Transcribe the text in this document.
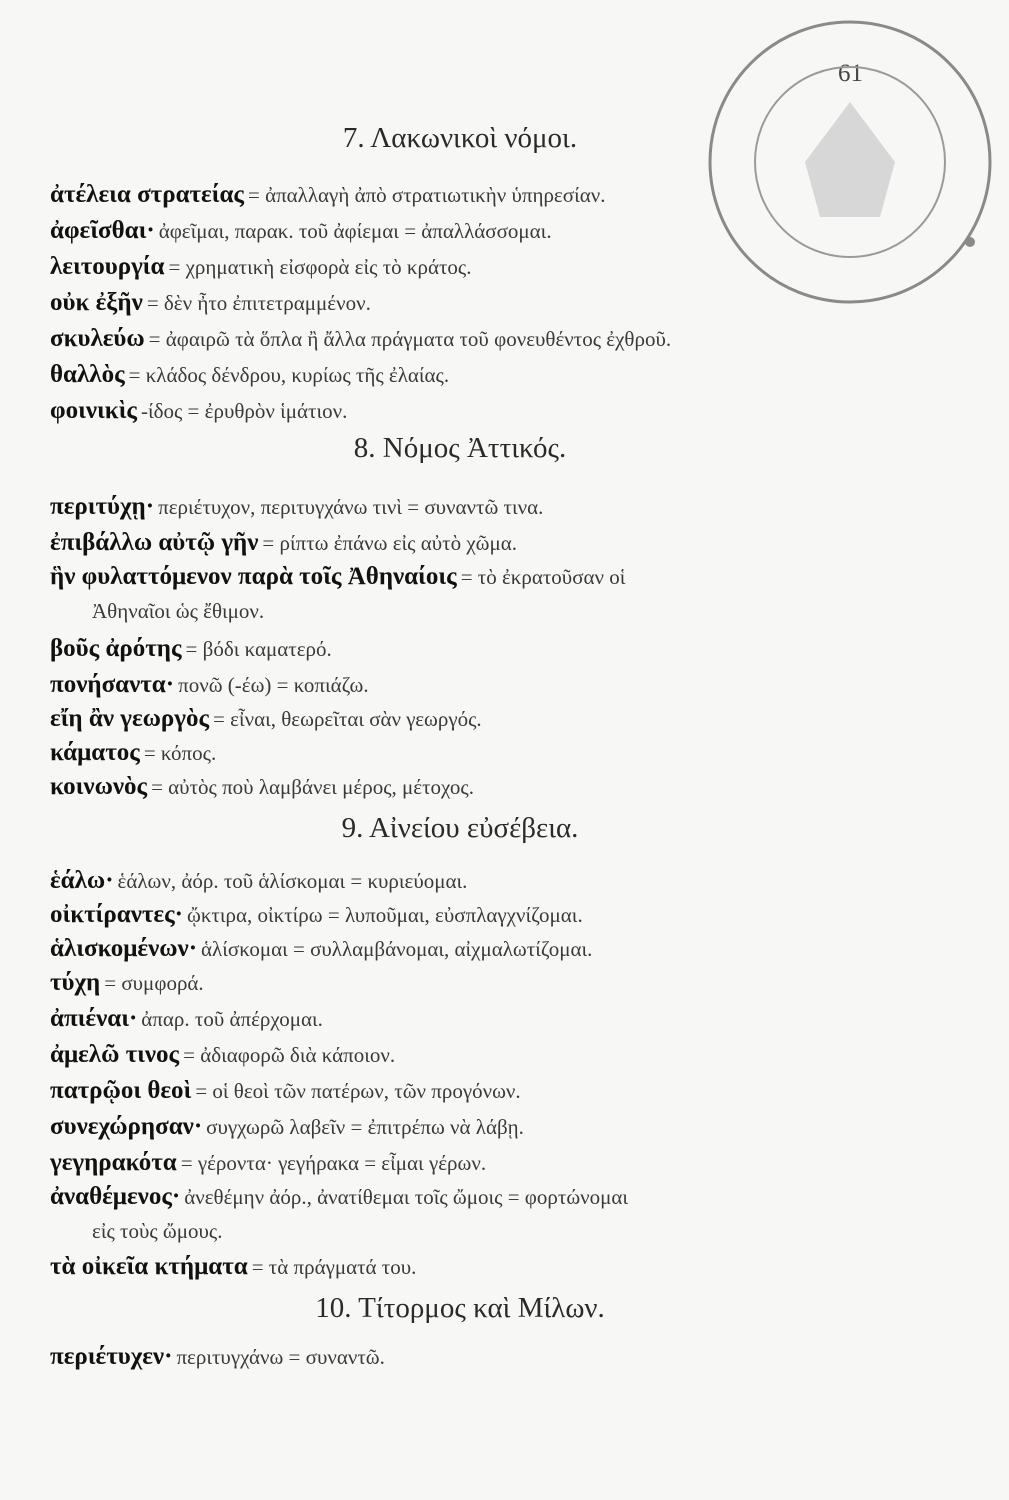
61
7. Λακωνικοὶ νόμοι.
ἀτέλεια στρατείας = ἀπαλλαγὴ ἀπὸ στρατιωτικὴν ὑπηρεσίαν.
ἀφεῖσθαι· ἀφεῖμαι, παρακ. τοῦ ἀφίεμαι = ἀπαλλάσσομαι.
λειτουργία = χρηματικὴ εἰσφορὰ εἰς τὸ κράτος.
οὐκ ἐξῆν = δὲν ἦτο ἐπιτετραμμένον.
σκυλεύω = ἀφαιρῶ τὰ ὅπλα ἢ ἄλλα πράγματα τοῦ φονευθέντος ἐχθροῦ.
θαλλὸς = κλάδος δένδρου, κυρίως τῆς ἐλαίας.
φοινικὶς -ίδος = ἐρυθρὸν ἱμάτιον.
8. Νόμος Ἀττικός.
περιτύχῃ· περιέτυχον, περιτυγχάνω τινὶ = συναντῶ τινα.
ἐπιβάλλω αὐτῷ γῆν = ρίπτω ἐπάνω εἰς αὐτὸ χῶμα.
ἣν φυλαττόμενον παρὰ τοῖς Ἀθηναίοις = τὸ ἐκρατοῦσαν οἱ
Ἀθηναῖοι ὡς ἔθιμον.
βοῦς ἀρότης = βόδι καματερό.
πονήσαντα· πονῶ (-έω) = κοπιάζω.
εἴη ἂν γεωργὸς = εἶναι, θεωρεῖται σὰν γεωργός.
κάματος = κόπος.
κοινωνὸς = αὐτὸς ποὺ λαμβάνει μέρος, μέτοχος.
9. Αἰνείου εὐσέβεια.
ἑάλω· ἑάλων, ἀόρ. τοῦ ἁλίσκομαι = κυριεύομαι.
οἰκτίραντες· ᾤκτιρα, οἰκτίρω = λυποῦμαι, εὐσπλαγχνίζομαι.
ἁλισκομένων· ἁλίσκομαι = συλλαμβάνομαι, αἰχμαλωτίζομαι.
τύχη = συμφορά.
ἀπιέναι· ἀπαρ. τοῦ ἀπέρχομαι.
ἀμελῶ τινος = ἀδιαφορῶ διὰ κάποιον.
πατρῷοι θεοὶ = οἱ θεοὶ τῶν πατέρων, τῶν προγόνων.
συνεχώρησαν· συγχωρῶ λαβεῖν = ἐπιτρέπω νὰ λάβῃ.
γεγηρακότα = γέροντα· γεγήρακα = εἶμαι γέρων.
ἀναθέμενος· ἀνεθέμην ἀόρ., ἀνατίθεμαι τοῖς ὤμοις = φορτώνομαι
εἰς τοὺς ὤμους.
τὰ οἰκεῖα κτήματα = τὰ πράγματά του.
10. Τίτορμος καὶ Μίλων.
περιέτυχεν· περιτυγχάνω = συναντῶ.
